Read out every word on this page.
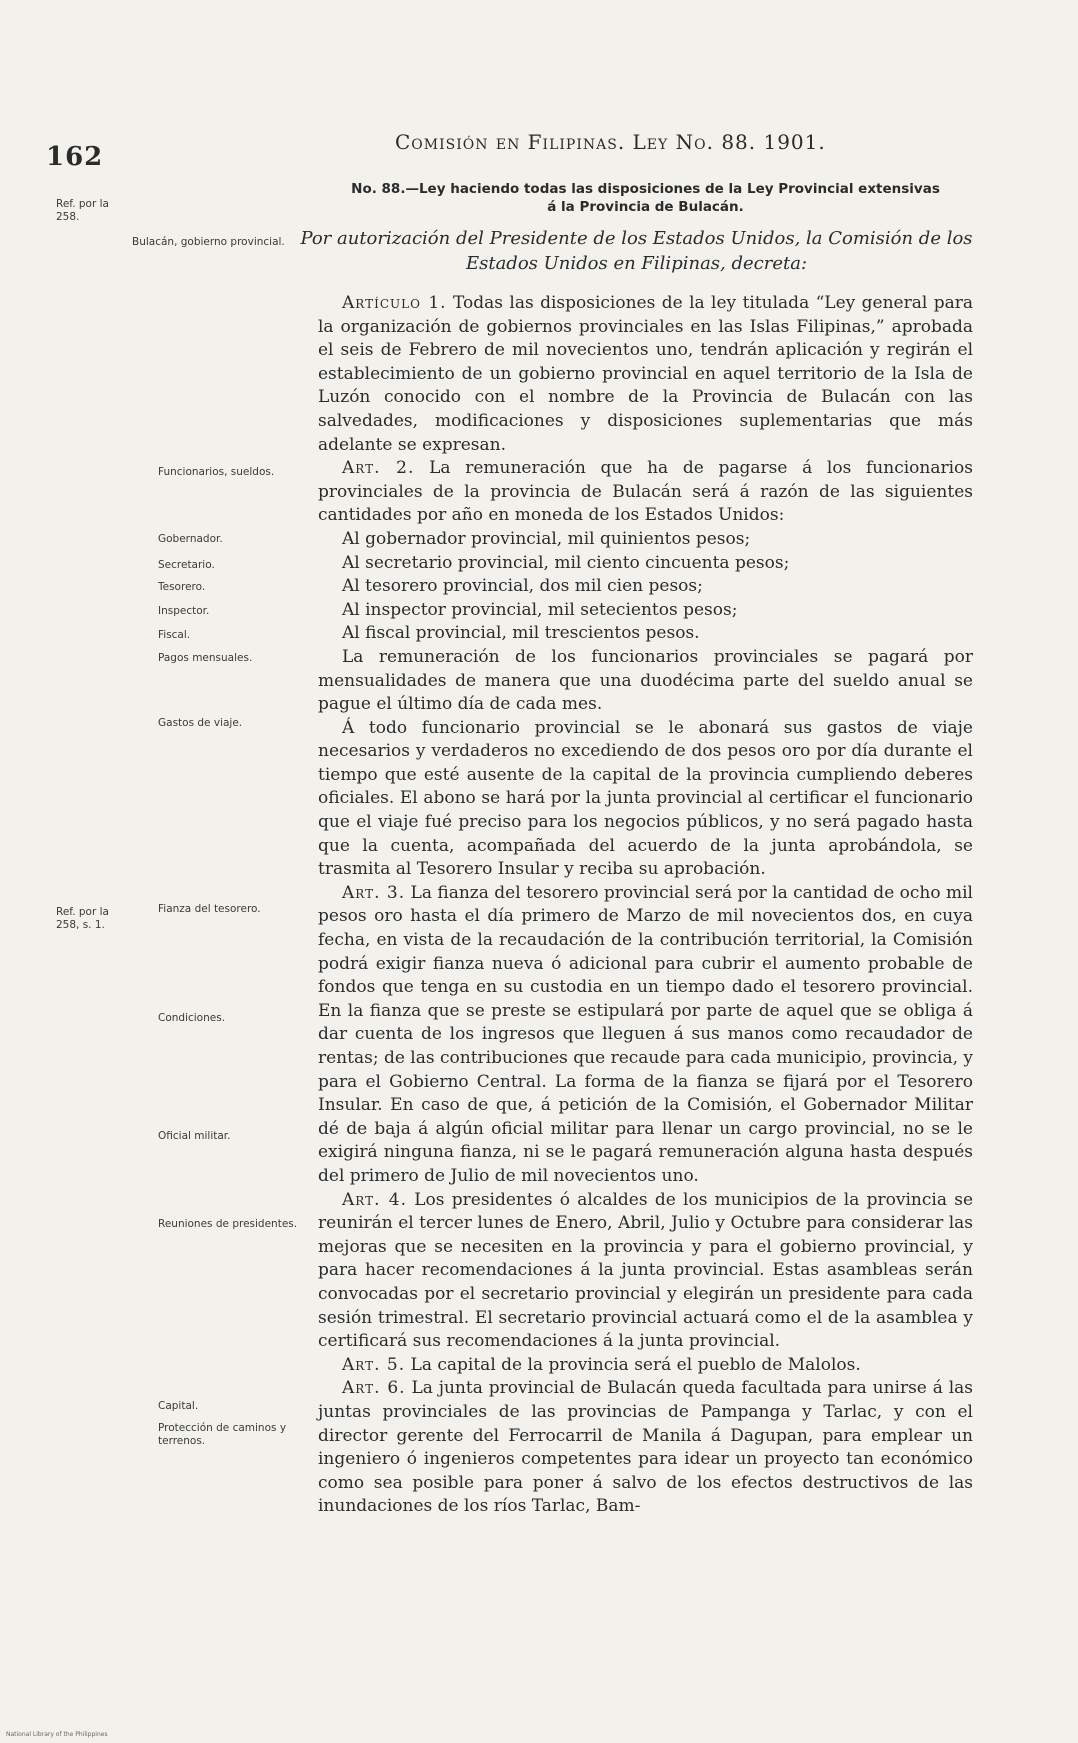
162	Comisión en Filipinas. Ley No. 88. 1901.
Ref. por la 258.
Bulacán, gobierno provincial.
Funcionarios, sueldos.
Gobernador.
Secretario.
Tesorero.
Inspector.
Fiscal.
Pagos mensuales.
Gastos de viaje.
Ref. por la 258, s. 1.
Fianza del tesorero.
Condiciones.
Oficial militar.
Reuniones de presidentes.
Capital.
Protección de caminos y terrenos.
No. 88.—Ley haciendo todas las disposiciones de la Ley Provincial extensivas
á la Provincia de Bulacán.
Por autorización del Presidente de los Estados Unidos, la Comisión de los Estados Unidos en Filipinas, decreta:

Artículo 1. Todas las disposiciones de la ley titulada “Ley general para la organización de gobiernos provinciales en las Islas Filipinas,” aprobada el seis de Febrero de mil novecientos uno, tendrán aplicación y regirán el establecimiento de un gobierno provincial en aquel territorio de la Isla de Luzón conocido con el nombre de la Provincia de Bulacán con las salvedades, modificaciones y disposiciones suplementarias que más adelante se expresan.

Art. 2. La remuneración que ha de pagarse á los funcionarios provinciales de la provincia de Bulacán será á razón de las siguientes cantidades por año en moneda de los Estados Unidos:

Al gobernador provincial, mil quinientos pesos;

Al secretario provincial, mil ciento cincuenta pesos;

Al tesorero provincial, dos mil cien pesos;

Al inspector provincial, mil setecientos pesos;

Al fiscal provincial, mil trescientos pesos.

La remuneración de los funcionarios provinciales se pagará por mensualidades de manera que una duodécima parte del sueldo anual se pague el último día de cada mes.

Á todo funcionario provincial se le abonará sus gastos de viaje necesarios y verdaderos no excediendo de dos pesos oro por día durante el tiempo que esté ausente de la capital de la provincia cumpliendo deberes oficiales. El abono se hará por la junta provincial al certificar el funcionario que el viaje fué preciso para los negocios públicos, y no será pagado hasta que la cuenta, acompañada del acuerdo de la junta aprobándola, se trasmita al Tesorero Insular y reciba su aprobación.

Art. 3. La fianza del tesorero provincial será por la cantidad de ocho mil pesos oro hasta el día primero de Marzo de mil novecientos dos, en cuya fecha, en vista de la recaudación de la contribución territorial, la Comisión podrá exigir fianza nueva ó adicional para cubrir el aumento probable de fondos que tenga en su custodia en un tiempo dado el tesorero provincial. En la fianza que se preste se estipulará por parte de aquel que se obliga á dar cuenta de los ingresos que lleguen á sus manos como recaudador de rentas; de las contribuciones que recaude para cada municipio, provincia, y para el Gobierno Central. La forma de la fianza se fijará por el Tesorero Insular. En caso de que, á petición de la Comisión, el Gobernador Militar dé de baja á algún oficial militar para llenar un cargo provincial, no se le exigirá ninguna fianza, ni se le pagará remuneración alguna hasta después del primero de Julio de mil novecientos uno.

Art. 4. Los presidentes ó alcaldes de los municipios de la provincia se reunirán el tercer lunes de Enero, Abril, Julio y Octubre para considerar las mejoras que se necesiten en la provincia y para el gobierno provincial, y para hacer recomendaciones á la junta provincial. Estas asambleas serán convocadas por el secretario provincial y elegirán un presidente para cada sesión trimestral. El secretario provincial actuará como el de la asamblea y certificará sus recomendaciones á la junta provincial.

Art. 5. La capital de la provincia será el pueblo de Malolos.

Art. 6. La junta provincial de Bulacán queda facultada para unirse á las juntas provinciales de las provincias de Pampanga y Tarlac, y con el director gerente del Ferrocarril de Manila á Dagupan, para emplear un ingeniero ó ingenieros competentes para idear un proyecto tan económico como sea posible para poner á salvo de los efectos destructivos de las inundaciones de los ríos Tarlac, Bam-

National Library of the Philippines
